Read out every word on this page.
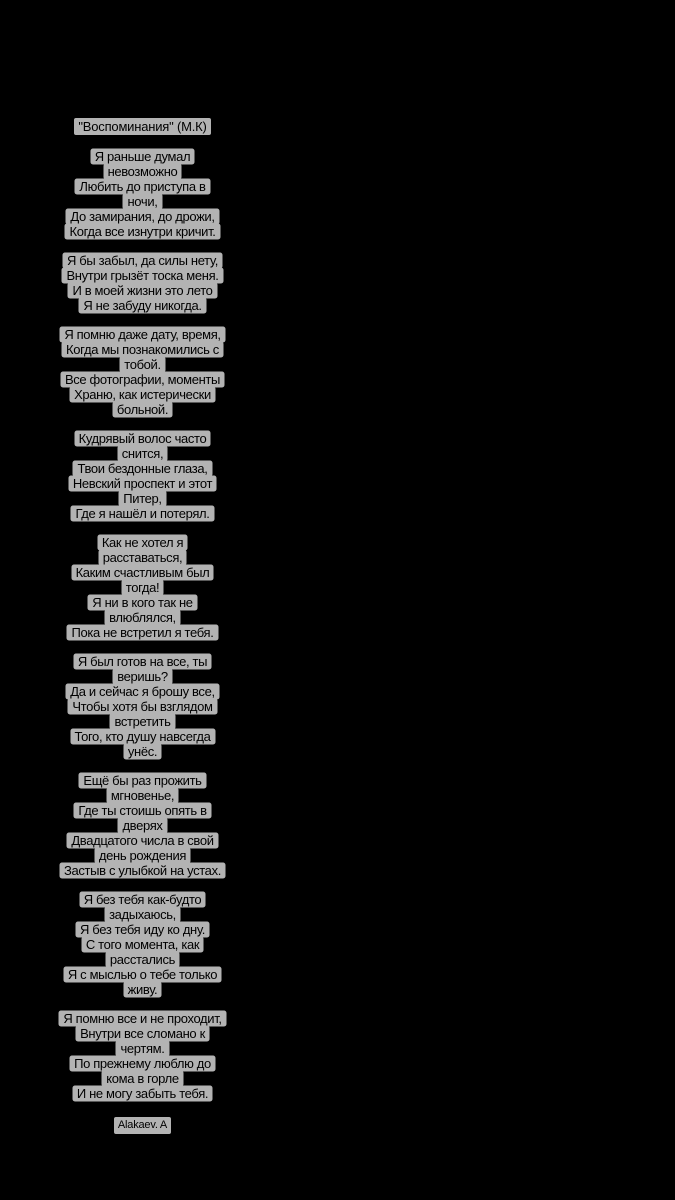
"Воспоминания" (М.К)
Я раньше думал
невозможно
Любить до приступа в
ночи,
До замирания, до дрожи,
Когда все изнутри кричит.
Я бы забыл, да силы нету,
Внутри грызёт тоска меня.
И в моей жизни это лето
Я не забуду никогда.
Я помню даже дату, время,
Когда мы познакомились с
тобой.
Все фотографии, моменты
Храню, как истерически
больной.
Кудрявый волос часто
снится,
Твои бездонные глаза,
Невский проспект и этот
Питер,
Где я нашёл и потерял.
Как не хотел я
расставаться,
Каким счастливым был
тогда!
Я ни в кого так не
влюблялся,
Пока не встретил я тебя.
Я был готов на все, ты
веришь?
Да и сейчас я брошу все,
Чтобы хотя бы взглядом
встретить
Того, кто душу навсегда
унёс.
Ещё бы раз прожить
мгновенье,
Где ты стоишь опять в
дверях
Двадцатого числа в свой
день рождения
Застыв с улыбкой на устах.
Я без тебя как-будто
задыхаюсь,
Я без тебя иду ко дну.
С того момента, как
расстались
Я с мыслью о тебе только
живу.
Я помню все и не проходит,
Внутри все сломано к
чертям.
По прежнему люблю до
кома в горле
И не могу забыть тебя.
Alakaev. A
